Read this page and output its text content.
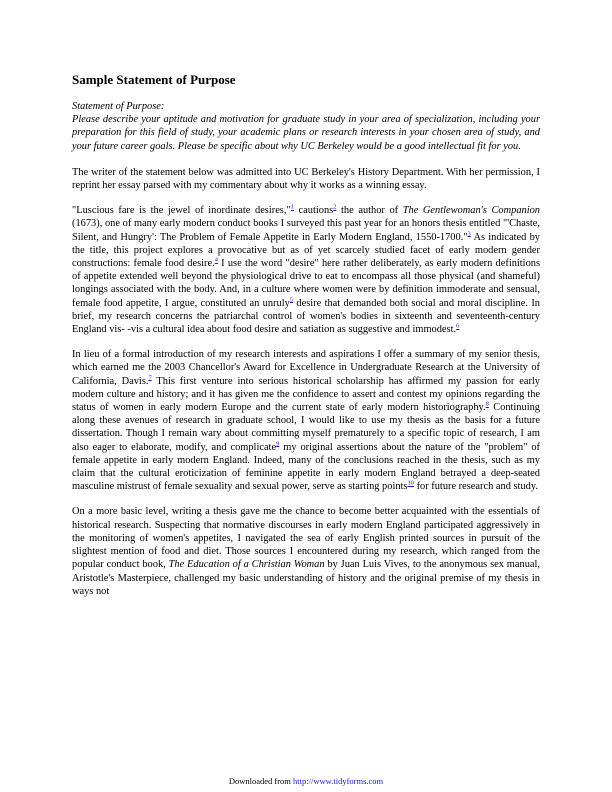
Sample Statement of Purpose

Statement of Purpose:

Please describe your aptitude and motivation for graduate study in your area of specialization, including your preparation for this field of study, your academic plans or research interests in your chosen area of study, and your future career goals. Please be specific about why UC Berkeley would be a good intellectual fit for you.

The writer of the statement below was admitted into UC Berkeley's History Department. With her permission, I reprint her essay parsed with my commentary about why it works as a winning essay.

"Luscious fare is the jewel of inordinate desires,"$^1$ cautions$^2$ the author of The Gentlewoman's Companion (1673), one of many early modern conduct books I surveyed this past year for an honors thesis entitled "'Chaste, Silent, and Hungry': The Problem of Female Appetite in Early Modern England, 1550-1700."$^3$ As indicated by the title, this project explores a provocative but as of yet scarcely studied facet of early modern gender constructions: female food desire.$^4$ I use the word "desire" here rather deliberately, as early modern definitions of appetite extended well beyond the physiological drive to eat to encompass all those physical (and shameful) longings associated with the body. And, in a culture where women were by definition immoderate and sensual, female food appetite, I argue, constituted an unruly$^5$ desire that demanded both social and moral discipline. In brief, my research concerns the patriarchal control of women's bodies in sixteenth and seventeenth-century England vis- -vis a cultural idea about food desire and satiation as suggestive and immodest.$^6$

In lieu of a formal introduction of my research interests and aspirations I offer a summary of my senior thesis, which earned me the 2003 Chancellor's Award for Excellence in Undergraduate Research at the University of California, Davis.$^7$ This first venture into serious historical scholarship has affirmed my passion for early modern culture and history; and it has given me the confidence to assert and contest my opinions regarding the status of women in early modern Europe and the current state of early modern historiography.$^8$ Continuing along these avenues of research in graduate school, I would like to use my thesis as the basis for a future dissertation. Though I remain wary about committing myself prematurely to a specific topic of research, I am also eager to elaborate, modify, and complicate$^9$ my original assertions about the nature of the "problem" of female appetite in early modern England. Indeed, many of the conclusions reached in the thesis, such as my claim that the cultural eroticization of feminine appetite in early modern England betrayed a deep-seated masculine mistrust of female sexuality and sexual power, serve as starting points$^{10}$ for future research and study.

On a more basic level, writing a thesis gave me the chance to become better acquainted with the essentials of historical research. Suspecting that normative discourses in early modern England participated aggressively in the monitoring of women's appetites, I navigated the sea of early English printed sources in pursuit of the slightest mention of food and diet. Those sources I encountered during my research, which ranged from the popular conduct book, The Education of a Christian Woman by Juan Luis Vives, to the anonymous sex manual, Aristotle's Masterpiece, challenged my basic understanding of history and the original premise of my thesis in ways not

Downloaded from http://www.tidyforms.com
